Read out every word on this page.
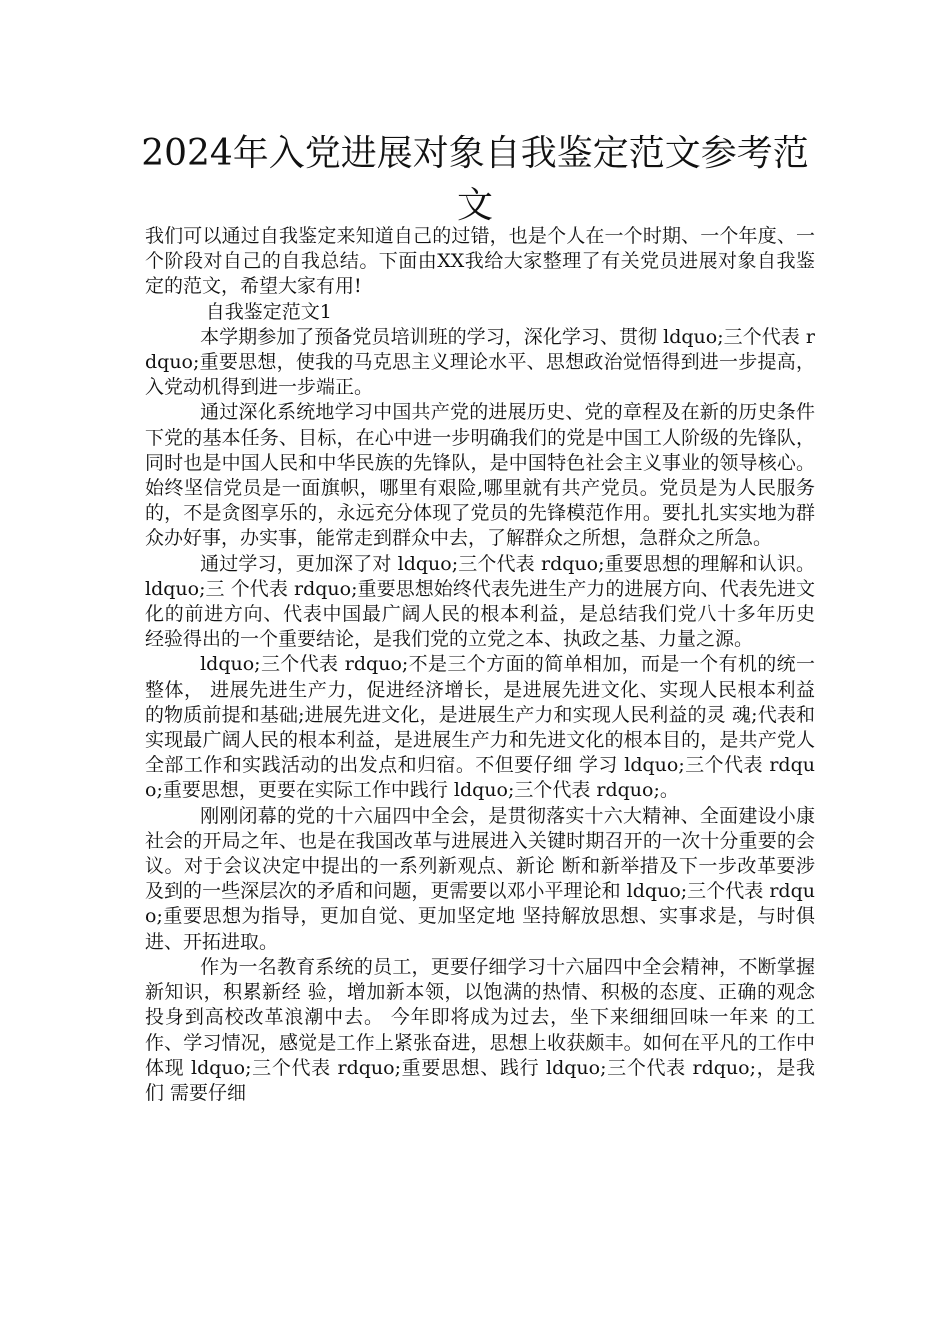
2024年入党进展对象自我鉴定范文参考范文

我们可以通过自我鉴定来知道自己的过错，也是个人在一个时期、一个年度、一个阶段对自己的自我总结。下面由XX我给大家整理了有关党员进展对象自我鉴定的范文，希望大家有用!

自我鉴定范文1

本学期参加了预备党员培训班的学习，深化学习、贯彻 ldquo;三个代表 rdquo;重要思想，使我的马克思主义理论水平、思想政治觉悟得到进一步提高，入党动机得到进一步端正。

通过深化系统地学习中国共产党的进展历史、党的章程及在新的历史条件下党的基本任务、目标，在心中进一步明确我们的党是中国工人阶级的先锋队，同时也是中国人民和中华民族的先锋队，是中国特色社会主义事业的领导核心。始终坚信党员是一面旗帜，哪里有艰险,哪里就有共产党员。党员是为人民服务的，不是贪图享乐的，永远充分体现了党员的先锋模范作用。要扎扎实实地为群众办好事，办实事，能常走到群众中去，了解群众之所想，急群众之所急。

通过学习，更加深了对 ldquo;三个代表 rdquo;重要思想的理解和认识。 ldquo;三 个代表 rdquo;重要思想始终代表先进生产力的进展方向、代表先进文化的前进方向、代表中国最广阔人民的根本利益，是总结我们党八十多年历史 经验得出的一个重要结论，是我们党的立党之本、执政之基、力量之源。

ldquo;三个代表 rdquo;不是三个方面的简单相加，而是一个有机的统一整体， 进展先进生产力，促进经济增长，是进展先进文化、实现人民根本利益的物质前提和基础;进展先进文化，是进展生产力和实现人民利益的灵 魂;代表和实现最广阔人民的根本利益，是进展生产力和先进文化的根本目的，是共产党人全部工作和实践活动的出发点和归宿。不但要仔细 学习 ldquo;三个代表 rdquo;重要思想，更要在实际工作中践行 ldquo;三个代表 rdquo;。

刚刚闭幕的党的十六届四中全会，是贯彻落实十六大精神、全面建设小康社会的开局之年、也是在我国改革与进展进入关键时期召开的一次十分重要的会议。对于会议决定中提出的一系列新观点、新论 断和新举措及下一步改革要涉及到的一些深层次的矛盾和问题，更需要以邓小平理论和 ldquo;三个代表 rdquo;重要思想为指导，更加自觉、更加坚定地 坚持解放思想、实事求是，与时俱进、开拓进取。

作为一名教育系统的员工，更要仔细学习十六届四中全会精神，不断掌握新知识，积累新经 验，增加新本领，以饱满的热情、积极的态度、正确的观念投身到高校改革浪潮中去。 今年即将成为过去，坐下来细细回味一年来 的工作、学习情况，感觉是工作上紧张奋进，思想上收获颇丰。如何在平凡的工作中体现 ldquo;三个代表 rdquo;重要思想、践行 ldquo;三个代表 rdquo;，是我们 需要仔细
